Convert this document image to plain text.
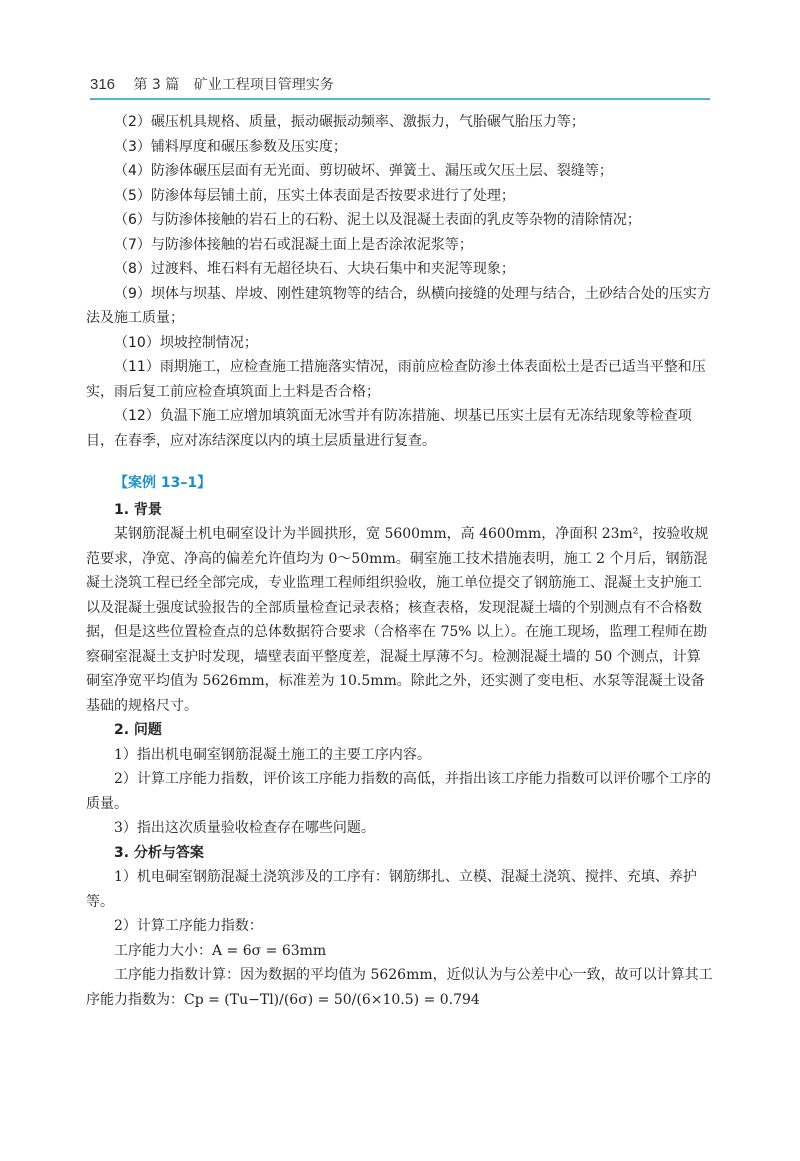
316 第 3 篇 矿业工程项目管理实务

（2）碾压机具规格、质量，振动碾振动频率、激振力，气胎碾气胎压力等；

（3）铺料厚度和碾压参数及压实度；

（4）防渗体碾压层面有无光面、剪切破坏、弹簧土、漏压或欠压土层、裂缝等；

（5）防渗体每层铺土前，压实土体表面是否按要求进行了处理；

（6）与防渗体接触的岩石上的石粉、泥土以及混凝土表面的乳皮等杂物的清除情况；

（7）与防渗体接触的岩石或混凝土面上是否涂浓泥浆等；

（8）过渡料、堆石料有无超径块石、大块石集中和夹泥等现象；

（9）坝体与坝基、岸坡、刚性建筑物等的结合，纵横向接缝的处理与结合，土砂结合处的压实方法及施工质量；

（10）坝坡控制情况；

（11）雨期施工，应检查施工措施落实情况，雨前应检查防渗土体表面松土是否已适当平整和压实，雨后复工前应检查填筑面上土料是否合格；

（12）负温下施工应增加填筑面无冰雪并有防冻措施、坝基已压实土层有无冻结现象等检查项目，在春季，应对冻结深度以内的填土层质量进行复查。

【案例 13–1】
1. 背景

某钢筋混凝土机电硐室设计为半圆拱形，宽 5600mm，高 4600mm，净面积 23m²，按验收规范要求，净宽、净高的偏差允许值均为 0～50mm。硐室施工技术措施表明，施工 2 个月后，钢筋混凝土浇筑工程已经全部完成，专业监理工程师组织验收，施工单位提交了钢筋施工、混凝土支护施工以及混凝土强度试验报告的全部质量检查记录表格；核查表格，发现混凝土墙的个别测点有不合格数据，但是这些位置检查点的总体数据符合要求（合格率在 75% 以上）。在施工现场，监理工程师在勘察硐室混凝土支护时发现，墙壁表面平整度差，混凝土厚薄不匀。检测混凝土墙的 50 个测点，计算硐室净宽平均值为 5626mm，标准差为 10.5mm。除此之外，还实测了变电柜、水泵等混凝土设备基础的规格尺寸。

2. 问题

1）指出机电硐室钢筋混凝土施工的主要工序内容。

2）计算工序能力指数，评价该工序能力指数的高低，并指出该工序能力指数可以评价哪个工序的质量。

3）指出这次质量验收检查存在哪些问题。

3. 分析与答案

1）机电硐室钢筋混凝土浇筑涉及的工序有：钢筋绑扎、立模、混凝土浇筑、搅拌、充填、养护等。

2）计算工序能力指数：

工序能力大小：A = 6σ = 63mm

工序能力指数计算：因为数据的平均值为 5626mm，近似认为与公差中心一致，故可以计算其工序能力指数为：Cp = (Tu−Tl)/(6σ) = 50/(6×10.5) = 0.794
